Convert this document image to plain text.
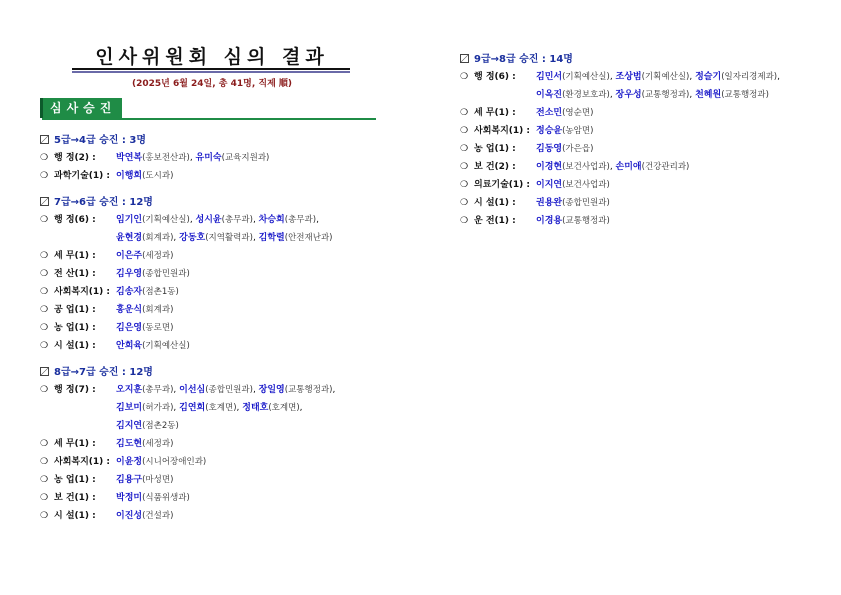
인사위원회 심의 결과
(2025년 6월 24일, 총 41명, 직제 順)
심사승진
5급→4급 승진 : 3명
❍ 행 정(2) :	박연복(홍보전산과), 유미숙(교육지원과)
❍ 과학기술(1) : 이행희(도시과)
7급→6급 승진 : 12명
❍ 행 정(6) :	임기인(기획예산실), 성시윤(총무과), 차승희(총무과),
윤현경(회계과), 강동호(지역활력과), 김학렬(안전재난과)
❍ 세 무(1) :	이은주(세정과)
❍ 전 산(1) :	김우영(종합민원과)
❍ 사회복지(1) : 김송자(점촌1동)
❍ 공 업(1) :	홍운식(회계과)
❍ 농 업(1) :	김은영(동로면)
❍ 시 설(1) :	안희육(기획예산실)
8급→7급 승진 : 12명
❍ 행 정(7) :	오지훈(총무과), 이선심(종합민원과), 장일영(교통행정과),
김보미(허가과), 김연희(호계면), 정태호(호계면),
김지연(점촌2동)
❍ 세 무(1) :	김도현(세정과)
❍ 사회복지(1) : 이윤정(시니어장애인과)
❍ 농 업(1) :	김용구(마성면)
❍ 보 건(1) :	박정미(식품위생과)
❍ 시 설(1) :	이진성(건설과)
9급→8급 승진 : 14명
❍ 행 정(6) :	김민서(기획예산실), 조상범(기획예산실), 정슬기(일자리경제과),
이옥진(환경보호과), 장우성(교통행정과), 천혜원(교통행정과)
❍ 세 무(1) :	전소민(영순면)
❍ 사회복지(1) : 정승윤(농암면)
❍ 농 업(1) :	김동영(가은읍)
❍ 보 건(2) :	이경현(보건사업과), 손미애(건강관리과)
❍ 의료기술(1) : 이지연(보건사업과)
❍ 시 설(1) :	권용완(종합민원과)
❍ 운 전(1) :	이경용(교통행정과)
